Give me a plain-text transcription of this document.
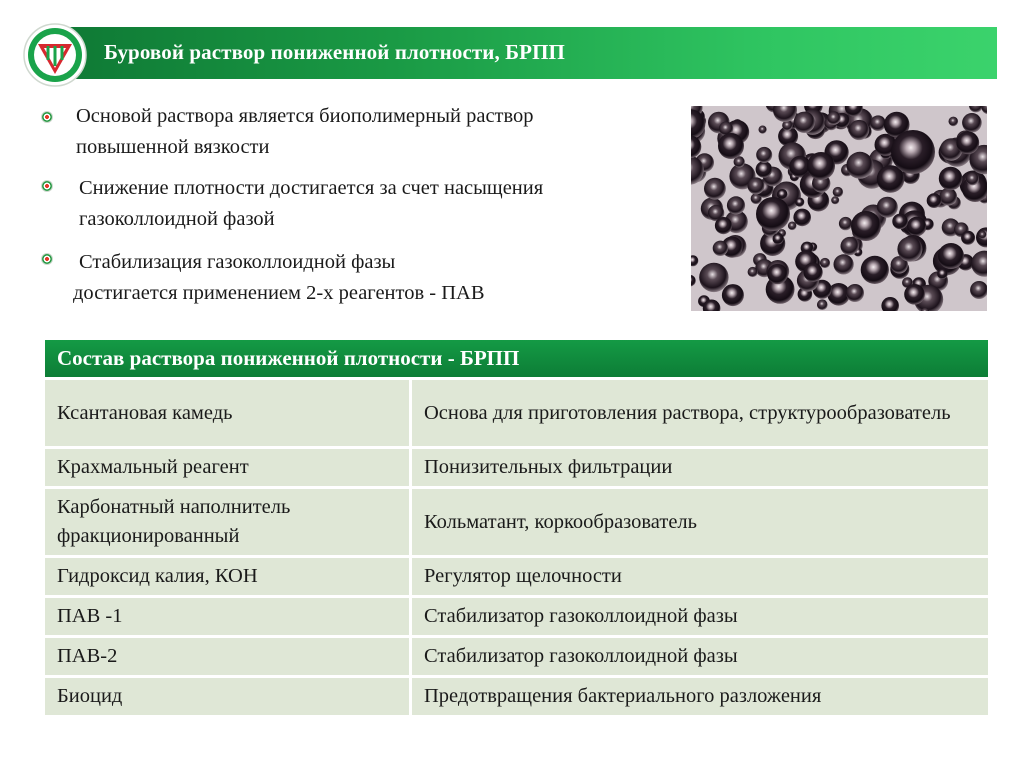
Буровой раствор пониженной плотности, БРПП
Основой раствора является биополимерный раствор
повышенной вязкости
Снижение плотности достигается за счет насыщения
газоколлоидной фазой
Стабилизация газоколлоидной фазы
достигается применением 2-х реагентов - ПАВ
Состав раствора пониженной плотности - БРПП	
Ксантановая камедь	Основа для приготовления раствора, структурообразователь
Крахмальный реагент	Понизительных фильтрации
Карбонатный наполнитель фракционированный	Кольматант, коркообразователь
Гидроксид калия, КОН	Регулятор щелочности
ПАВ -1	Стабилизатор газоколлоидной фазы
ПАВ-2	Стабилизатор газоколлоидной фазы
Биоцид	Предотвращения бактериального разложения
